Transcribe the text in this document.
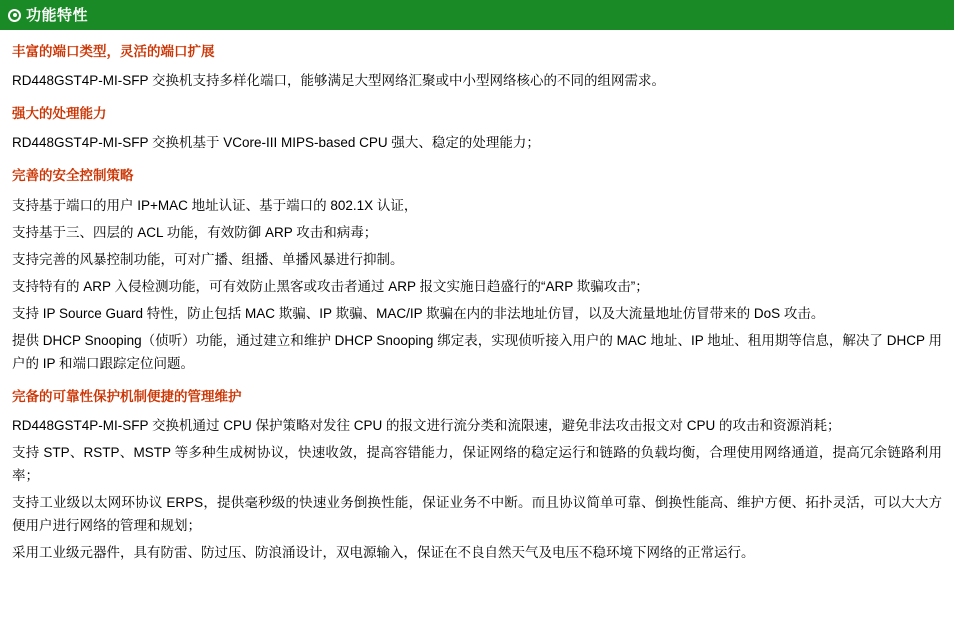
功能特性
丰富的端口类型，灵活的端口扩展

RD448GST4P-MI-SFP 交换机支持多样化端口，能够满足大型网络汇聚或中小型网络核心的不同的组网需求。

强大的处理能力

RD448GST4P-MI-SFP 交换机基于 VCore-III MIPS-based CPU 强大、稳定的处理能力；

完善的安全控制策略

支持基于端口的用户 IP+MAC 地址认证、基于端口的 802.1X 认证，

支持基于三、四层的 ACL 功能，有效防御 ARP 攻击和病毒；

支持完善的风暴控制功能，可对广播、组播、单播风暴进行抑制。

支持特有的 ARP 入侵检测功能，可有效防止黑客或攻击者通过 ARP 报文实施日趋盛行的“ARP 欺骗攻击”；

支持 IP Source Guard 特性，防止包括 MAC 欺骗、IP 欺骗、MAC/IP 欺骗在内的非法地址仿冒，以及大流量地址仿冒带来的 DoS 攻击。

提供 DHCP Snooping（侦听）功能，通过建立和维护 DHCP Snooping 绑定表，实现侦听接入用户的 MAC 地址、IP 地址、租用期等信息，解决了 DHCP 用户的 IP 和端口跟踪定位问题。

完备的可靠性保护机制便捷的管理维护

RD448GST4P-MI-SFP 交换机通过 CPU 保护策略对发往 CPU 的报文进行流分类和流限速，避免非法攻击报文对 CPU 的攻击和资源消耗；

支持 STP、RSTP、MSTP 等多种生成树协议，快速收敛，提高容错能力，保证网络的稳定运行和链路的负载均衡，合理使用网络通道，提高冗余链路利用率；

支持工业级以太网环协议 ERPS，提供毫秒级的快速业务倒换性能，保证业务不中断。而且协议简单可靠、倒换性能高、维护方便、拓扑灵活，可以大大方便用户进行网络的管理和规划；

采用工业级元器件，具有防雷、防过压、防浪涌设计，双电源输入，保证在不良自然天气及电压不稳环境下网络的正常运行。
